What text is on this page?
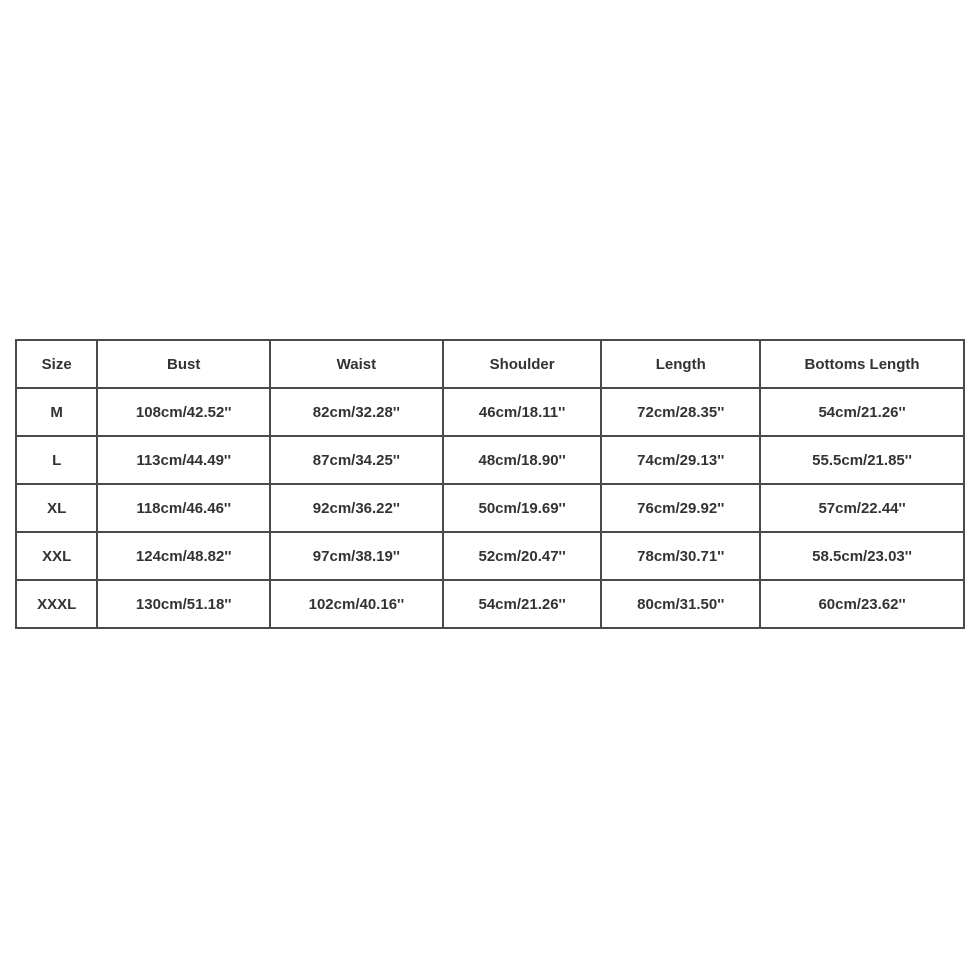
Size	Bust	Waist	Shoulder	Length	Bottoms Length
M	108cm/42.52''	82cm/32.28''	46cm/18.11''	72cm/28.35''	54cm/21.26''
L	113cm/44.49''	87cm/34.25''	48cm/18.90''	74cm/29.13''	55.5cm/21.85''
XL	118cm/46.46''	92cm/36.22''	50cm/19.69''	76cm/29.92''	57cm/22.44''
XXL	124cm/48.82''	97cm/38.19''	52cm/20.47''	78cm/30.71''	58.5cm/23.03''
XXXL	130cm/51.18''	102cm/40.16''	54cm/21.26''	80cm/31.50''	60cm/23.62''
